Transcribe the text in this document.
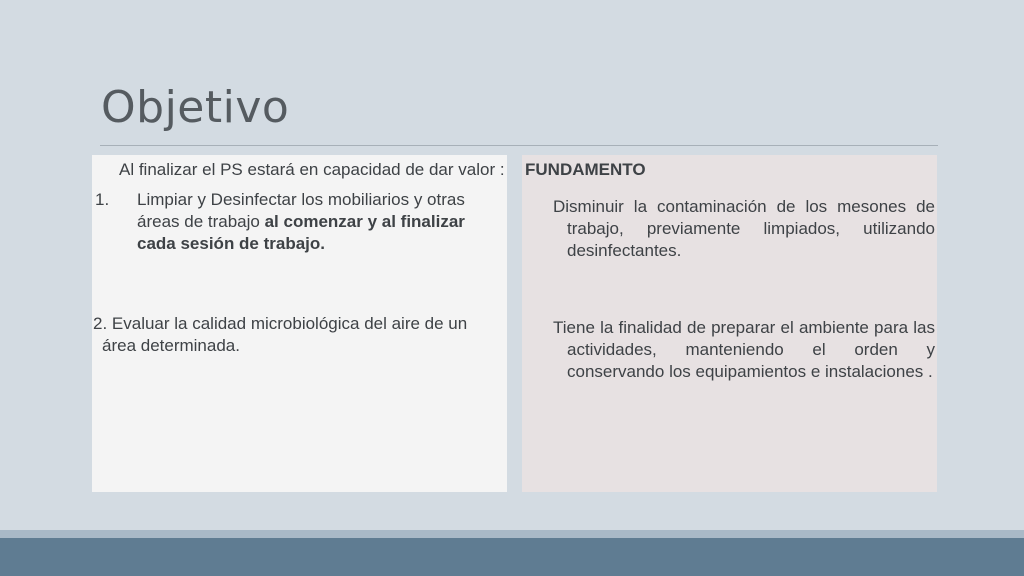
Objetivo

Al finalizar el PS estará en capacidad de dar valor :

1.	Limpiar y Desinfectar los mobiliarios y otras áreas de trabajo al comenzar y al finalizar cada sesión de trabajo.

2. Evaluar la calidad microbiológica del aire de un área determinada.

FUNDAMENTO

Disminuir la contaminación de los mesones de trabajo, previamente limpiados, utilizando desinfectantes.

Tiene la finalidad de preparar el ambiente para las actividades, manteniendo el orden y conservando los equipamientos e instalaciones .
